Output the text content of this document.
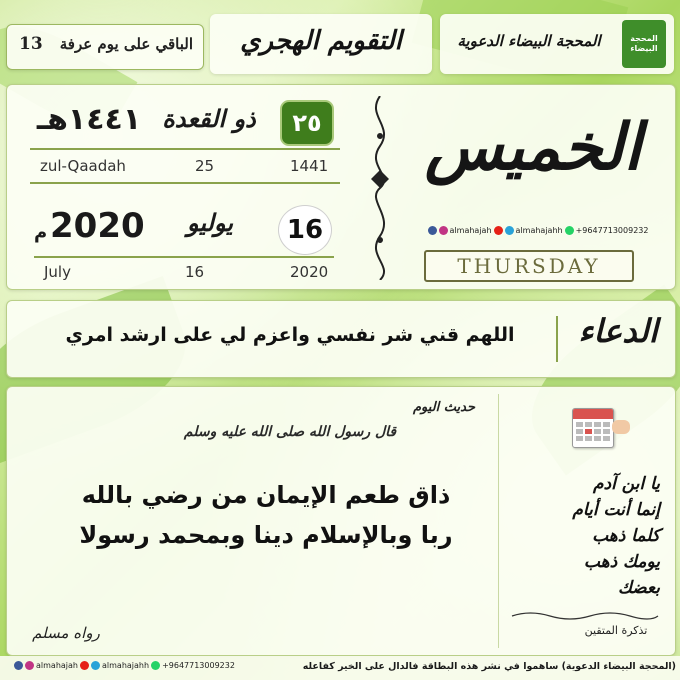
الباقي على يوم عرفة
13	التقويم الهجري	المحجة البيضاء الدعوية	المحجة البيضاء
٢٥
ذو القعدة
١٤٤١هـ
zul-Qaadah	25	1441
16
يوليو
2020
م
July	16	2020
الخميس
almahajah	almahajahh +9647713009232
THURSDAY
اللهم قني شر نفسي واعزم لي على ارشد امري	الدعاء
حديث اليوم
قال رسول الله صلى الله عليه وسلم
ذاق طعم الإيمان من رضي بالله ربا وبالإسلام دينا وبمحمد رسولا
رواه مسلم
يا ابن آدم
إنما أنت أيام
كلما ذهب
يومك ذهب
بعضك
تذكرة المتقين
almahajah	almahajahh +9647713009232	(المحجة البيضاء الدعوية) ساهموا في نشر هذه البطاقة فالدال على الخير كفاعله
